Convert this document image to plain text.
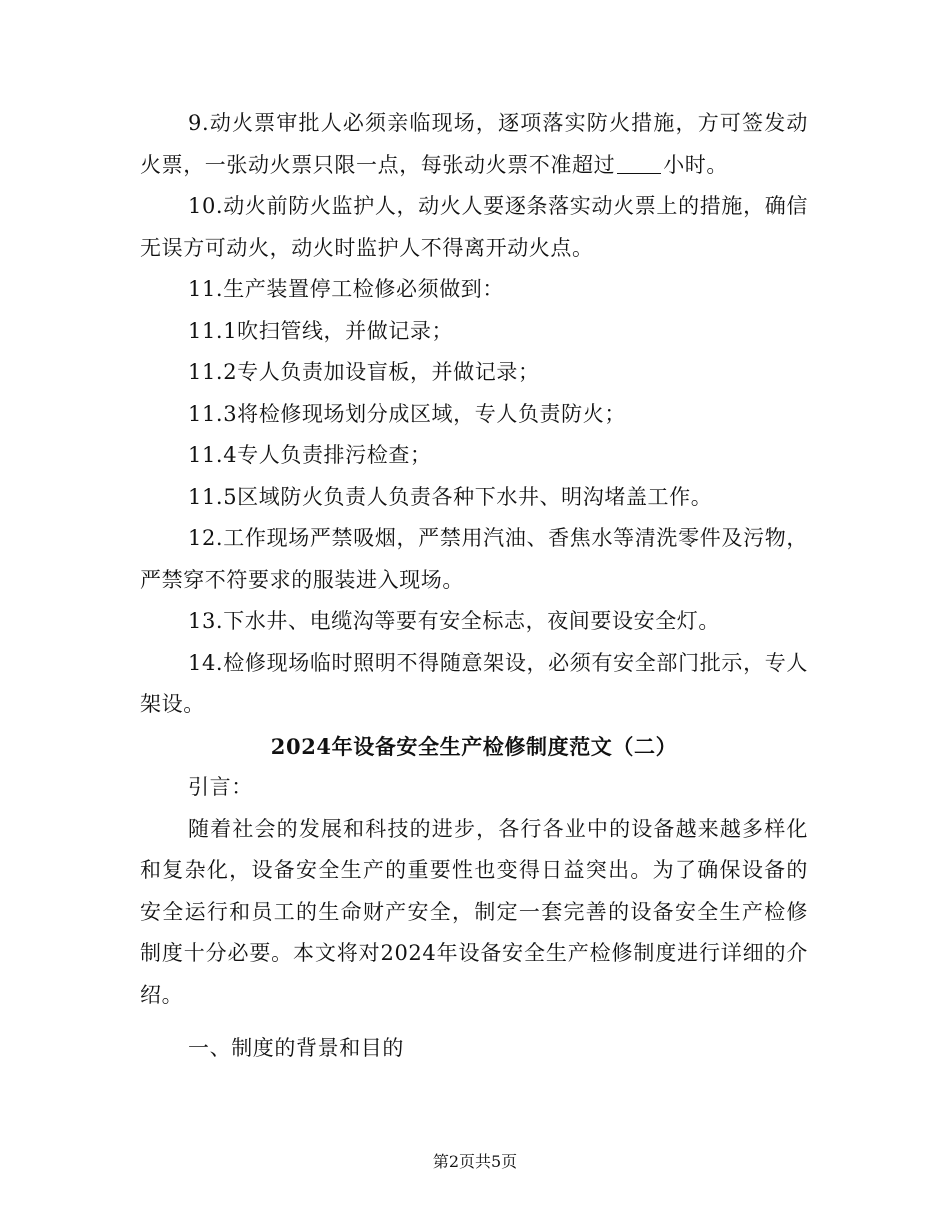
9.动火票审批人必须亲临现场，逐项落实防火措施，方可签发动火票，一张动火票只限一点，每张动火票不准超过 小时。

10.动火前防火监护人，动火人要逐条落实动火票上的措施，确信无误方可动火，动火时监护人不得离开动火点。

11.生产装置停工检修必须做到：

11.1吹扫管线，并做记录；

11.2专人负责加设盲板，并做记录；

11.3将检修现场划分成区域，专人负责防火；

11.4专人负责排污检查；

11.5区域防火负责人负责各种下水井、明沟堵盖工作。

12.工作现场严禁吸烟，严禁用汽油、香焦水等清洗零件及污物，严禁穿不符要求的服装进入现场。

13.下水井、电缆沟等要有安全标志，夜间要设安全灯。

14.检修现场临时照明不得随意架设，必须有安全部门批示，专人架设。

2024年设备安全生产检修制度范文（二）

引言：

随着社会的发展和科技的进步，各行各业中的设备越来越多样化和复杂化，设备安全生产的重要性也变得日益突出。为了确保设备的安全运行和员工的生命财产安全，制定一套完善的设备安全生产检修制度十分必要。本文将对2024年设备安全生产检修制度进行详细的介绍。

一、制度的背景和目的

第2页共5页
